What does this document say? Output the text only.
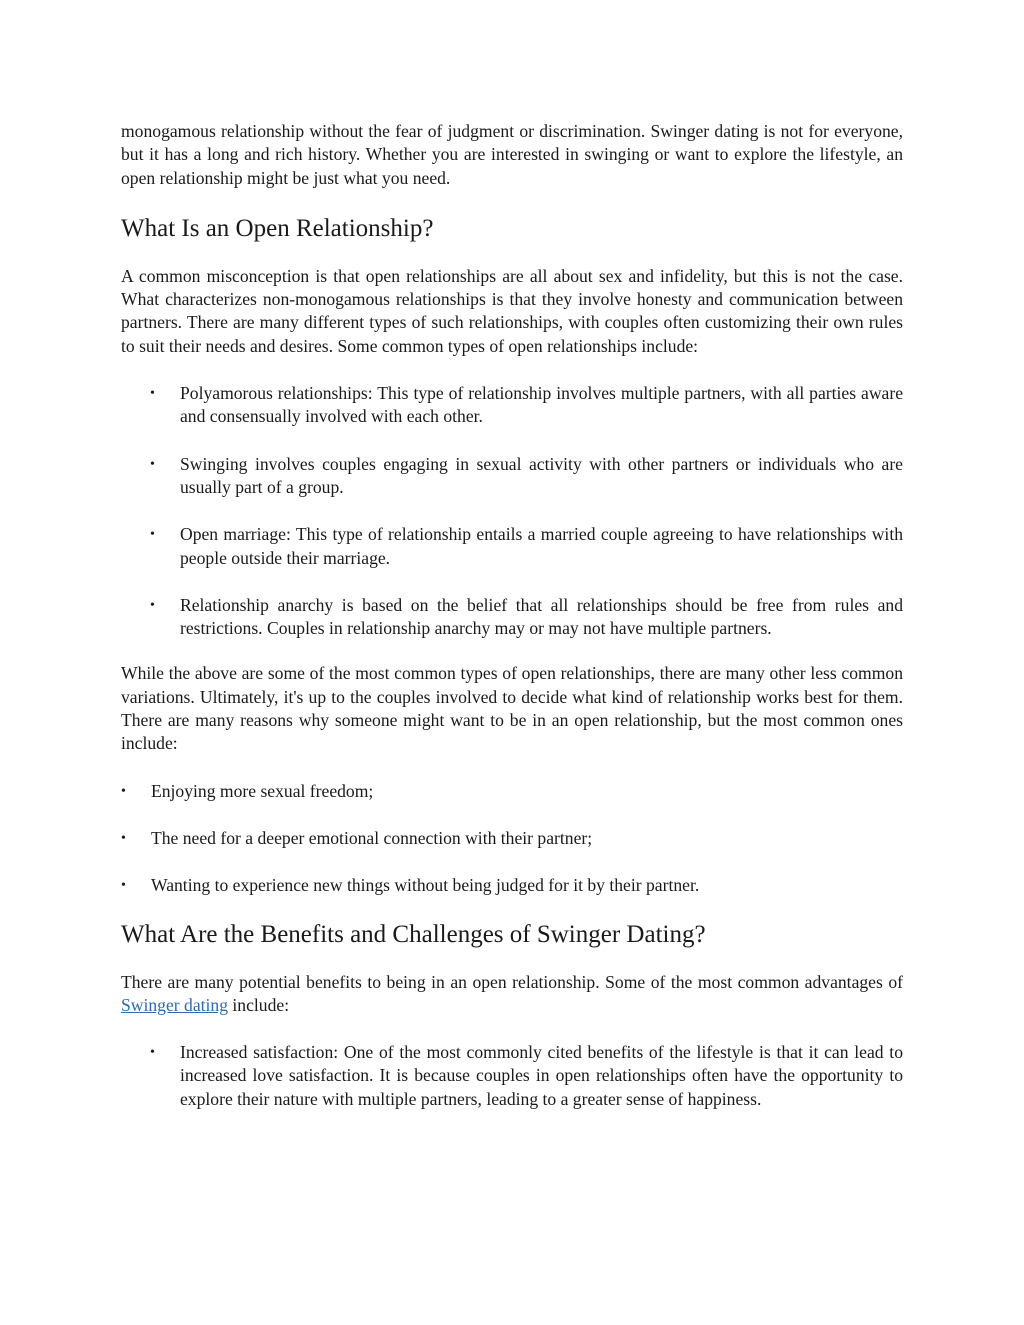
monogamous relationship without the fear of judgment or discrimination. Swinger dating is not for everyone, but it has a long and rich history. Whether you are interested in swinging or want to explore the lifestyle, an open relationship might be just what you need.

What Is an Open Relationship?

A common misconception is that open relationships are all about sex and infidelity, but this is not the case. What characterizes non-monogamous relationships is that they involve honesty and communication between partners. There are many different types of such relationships, with couples often customizing their own rules to suit their needs and desires. Some common types of open relationships include:

• Polyamorous relationships: This type of relationship involves multiple partners, with all parties aware and consensually involved with each other.
• Swinging involves couples engaging in sexual activity with other partners or individuals who are usually part of a group.
• Open marriage: This type of relationship entails a married couple agreeing to have relationships with people outside their marriage.
• Relationship anarchy is based on the belief that all relationships should be free from rules and restrictions. Couples in relationship anarchy may or may not have multiple partners.

While the above are some of the most common types of open relationships, there are many other less common variations. Ultimately, it's up to the couples involved to decide what kind of relationship works best for them. There are many reasons why someone might want to be in an open relationship, but the most common ones include:

• Enjoying more sexual freedom;
• The need for a deeper emotional connection with their partner;
• Wanting to experience new things without being judged for it by their partner.
What Are the Benefits and Challenges of Swinger Dating?

There are many potential benefits to being in an open relationship. Some of the most common advantages of Swinger dating include:

• Increased satisfaction: One of the most commonly cited benefits of the lifestyle is that it can lead to increased love satisfaction. It is because couples in open relationships often have the opportunity to explore their nature with multiple partners, leading to a greater sense of happiness.
